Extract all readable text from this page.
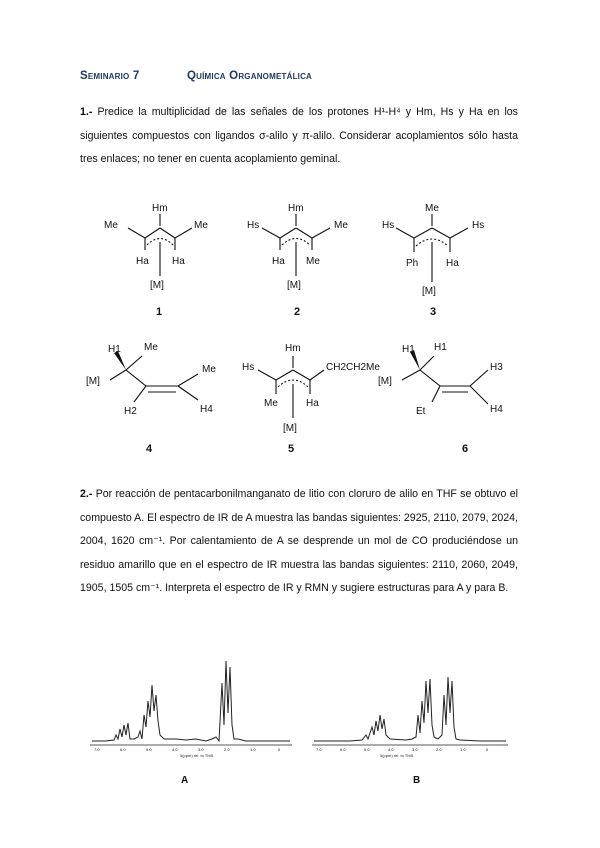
Seminario 7	Química Organometálica
1.- Predice la multiplicidad de las señales de los protones H¹-H⁴ y Hm, Hs y Ha en los siguientes compuestos con ligandos σ-alilo y π-alilo. Considerar acoplamientos sólo hasta tres enlaces; no tener en cuenta acoplamiento geminal.
Hm
Me	Me
Ha Ha
[M]
Hm
Hs	Me
Ha Me
[M]
Me
Hs	Hs
Ph	Ha
[M]
H1 Me
[M]
Me
H2	H4
Hm
Hs	CH2CH2Me
Me	Ha
[M]
H1 H1
[M]
H3
Et	H4
1	2	3
4	5	6
2.- Por reacción de pentacarbonilmanganato de litio con cloruro de alilo en THF se obtuvo el compuesto A. El espectro de IR de A muestra las bandas siguientes: 2925, 2110, 2079, 2024, 2004, 1620 cm⁻¹. Por calentamiento de A se desprende un mol de CO produciéndose un residuo amarillo que en el espectro de IR muestra las bandas siguientes: 2110, 2060, 2049, 1905, 1505 cm⁻¹. Interpreta el espectro de IR y RMN y sugiere estructuras para A y para B.
7.0	6.0	5.0	4.0	3.0	2.0	1.0	0
δ(ppm) rel. to TMS
7.0	6.0	5.0	4.0	3.0	2.0	1.0	0
δ(ppm) rel. to TMS
A	B
